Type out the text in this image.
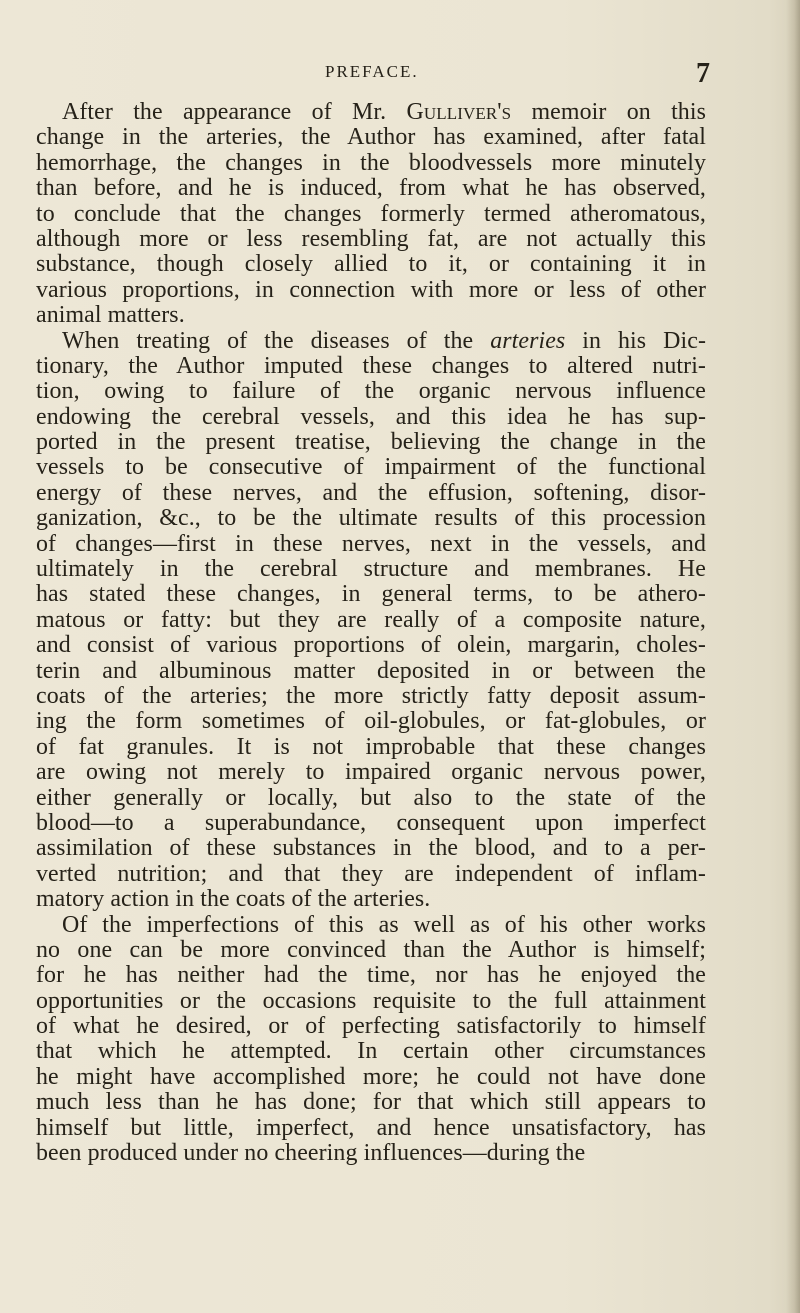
PREFACE.	7
After the appearance of Mr. Gulliver's memoir on this
change in the arteries, the Author has examined, after fatal
hemorrhage, the changes in the bloodvessels more minutely
than before, and he is induced, from what he has observed,
to conclude that the changes formerly termed atheromatous,
although more or less resembling fat, are not actually this
substance, though closely allied to it, or containing it in
various proportions, in connection with more or less of other
animal matters.
When treating of the diseases of the arteries in his Dic-
tionary, the Author imputed these changes to altered nutri-
tion, owing to failure of the organic nervous influence
endowing the cerebral vessels, and this idea he has sup-
ported in the present treatise, believing the change in the
vessels to be consecutive of impairment of the functional
energy of these nerves, and the effusion, softening, disor-
ganization, &c., to be the ultimate results of this procession
of changes—first in these nerves, next in the vessels, and
ultimately in the cerebral structure and membranes. He
has stated these changes, in general terms, to be athero-
matous or fatty: but they are really of a composite nature,
and consist of various proportions of olein, margarin, choles-
terin and albuminous matter deposited in or between the
coats of the arteries; the more strictly fatty deposit assum-
ing the form sometimes of oil-globules, or fat-globules, or
of fat granules. It is not improbable that these changes
are owing not merely to impaired organic nervous power,
either generally or locally, but also to the state of the
blood—to a superabundance, consequent upon imperfect
assimilation of these substances in the blood, and to a per-
verted nutrition; and that they are independent of inflam-
matory action in the coats of the arteries.
Of the imperfections of this as well as of his other works
no one can be more convinced than the Author is himself;
for he has neither had the time, nor has he enjoyed the
opportunities or the occasions requisite to the full attainment
of what he desired, or of perfecting satisfactorily to himself
that which he attempted. In certain other circumstances
he might have accomplished more; he could not have done
much less than he has done; for that which still appears to
himself but little, imperfect, and hence unsatisfactory, has
been produced under no cheering influences—during the
